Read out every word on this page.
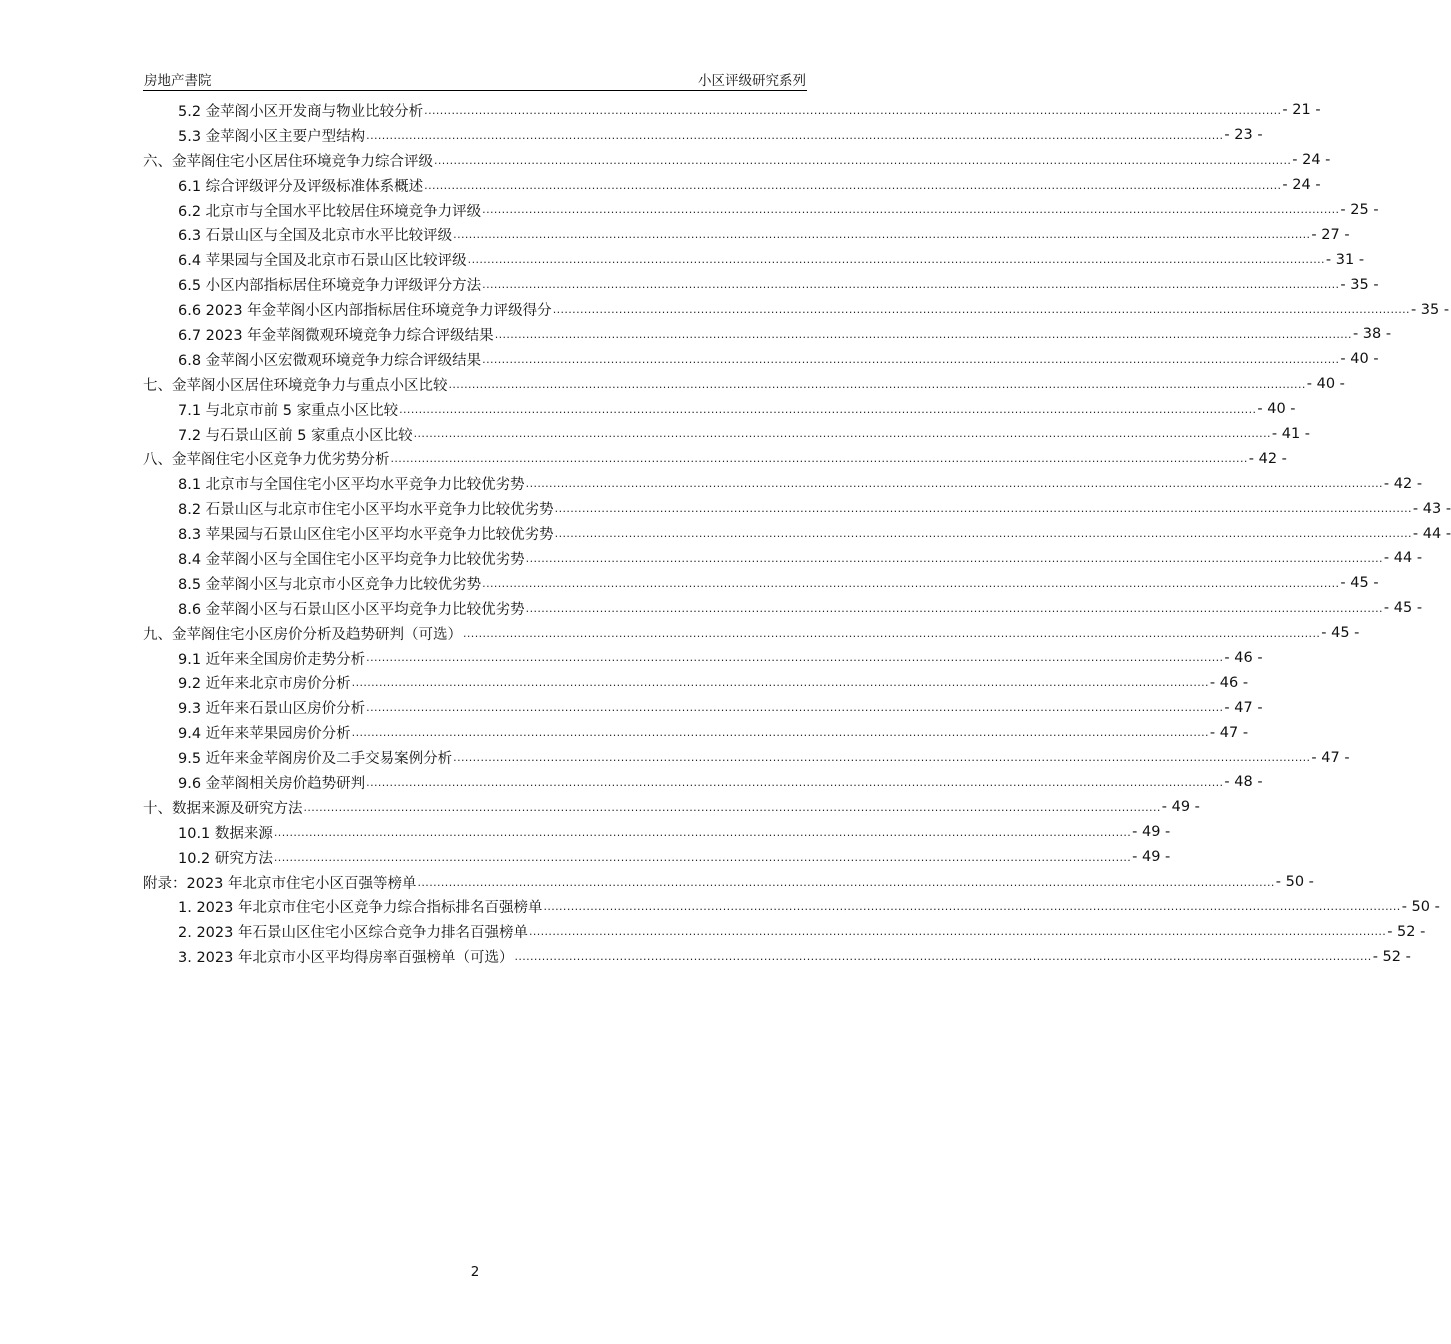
房地产書院	小区评级研究系列
5.2 金苹阁小区开发商与物业比较分析 ............................................................................................................................................................................................................................ - 21 -
5.3 金苹阁小区主要户型结构 ............................................................................................................................................................................................................................ - 23 -
六、金苹阁住宅小区居住环境竞争力综合评级 ............................................................................................................................................................................................................................ - 24 -
6.1 综合评级评分及评级标准体系概述 ............................................................................................................................................................................................................................ - 24 -
6.2 北京市与全国水平比较居住环境竞争力评级 ............................................................................................................................................................................................................................ - 25 -
6.3 石景山区与全国及北京市水平比较评级 ............................................................................................................................................................................................................................ - 27 -
6.4 苹果园与全国及北京市石景山区比较评级 ............................................................................................................................................................................................................................ - 31 -
6.5 小区内部指标居住环境竞争力评级评分方法 ............................................................................................................................................................................................................................ - 35 -
6.6 2023 年金苹阁小区内部指标居住环境竞争力评级得分 ............................................................................................................................................................................................................................ - 35 -
6.7 2023 年金苹阁微观环境竞争力综合评级结果 ............................................................................................................................................................................................................................ - 38 -
6.8 金苹阁小区宏微观环境竞争力综合评级结果 ............................................................................................................................................................................................................................ - 40 -
七、金苹阁小区居住环境竞争力与重点小区比较 ............................................................................................................................................................................................................................ - 40 -
7.1 与北京市前 5 家重点小区比较 ............................................................................................................................................................................................................................ - 40 -
7.2 与石景山区前 5 家重点小区比较 ............................................................................................................................................................................................................................ - 41 -
八、金苹阁住宅小区竞争力优劣势分析 ............................................................................................................................................................................................................................ - 42 -
8.1 北京市与全国住宅小区平均水平竞争力比较优劣势 ............................................................................................................................................................................................................................ - 42 -
8.2 石景山区与北京市住宅小区平均水平竞争力比较优劣势 ............................................................................................................................................................................................................................ - 43 -
8.3 苹果园与石景山区住宅小区平均水平竞争力比较优劣势 ............................................................................................................................................................................................................................ - 44 -
8.4 金苹阁小区与全国住宅小区平均竞争力比较优劣势 ............................................................................................................................................................................................................................ - 44 -
8.5 金苹阁小区与北京市小区竞争力比较优劣势 ............................................................................................................................................................................................................................ - 45 -
8.6 金苹阁小区与石景山区小区平均竞争力比较优劣势 ............................................................................................................................................................................................................................ - 45 -
九、金苹阁住宅小区房价分析及趋势研判（可选） ............................................................................................................................................................................................................................ - 45 -
9.1 近年来全国房价走势分析 ............................................................................................................................................................................................................................ - 46 -
9.2 近年来北京市房价分析 ............................................................................................................................................................................................................................ - 46 -
9.3 近年来石景山区房价分析 ............................................................................................................................................................................................................................ - 47 -
9.4 近年来苹果园房价分析 ............................................................................................................................................................................................................................ - 47 -
9.5 近年来金苹阁房价及二手交易案例分析 ............................................................................................................................................................................................................................ - 47 -
9.6 金苹阁相关房价趋势研判 ............................................................................................................................................................................................................................ - 48 -
十、数据来源及研究方法 ............................................................................................................................................................................................................................ - 49 -
10.1 数据来源 ............................................................................................................................................................................................................................ - 49 -
10.2 研究方法 ............................................................................................................................................................................................................................ - 49 -
附录：2023 年北京市住宅小区百强等榜单 ............................................................................................................................................................................................................................ - 50 -
1. 2023 年北京市住宅小区竞争力综合指标排名百强榜单 ............................................................................................................................................................................................................................ - 50 -
2. 2023 年石景山区住宅小区综合竞争力排名百强榜单 ............................................................................................................................................................................................................................ - 52 -
3. 2023 年北京市小区平均得房率百强榜单（可选） ............................................................................................................................................................................................................................ - 52 -
2
